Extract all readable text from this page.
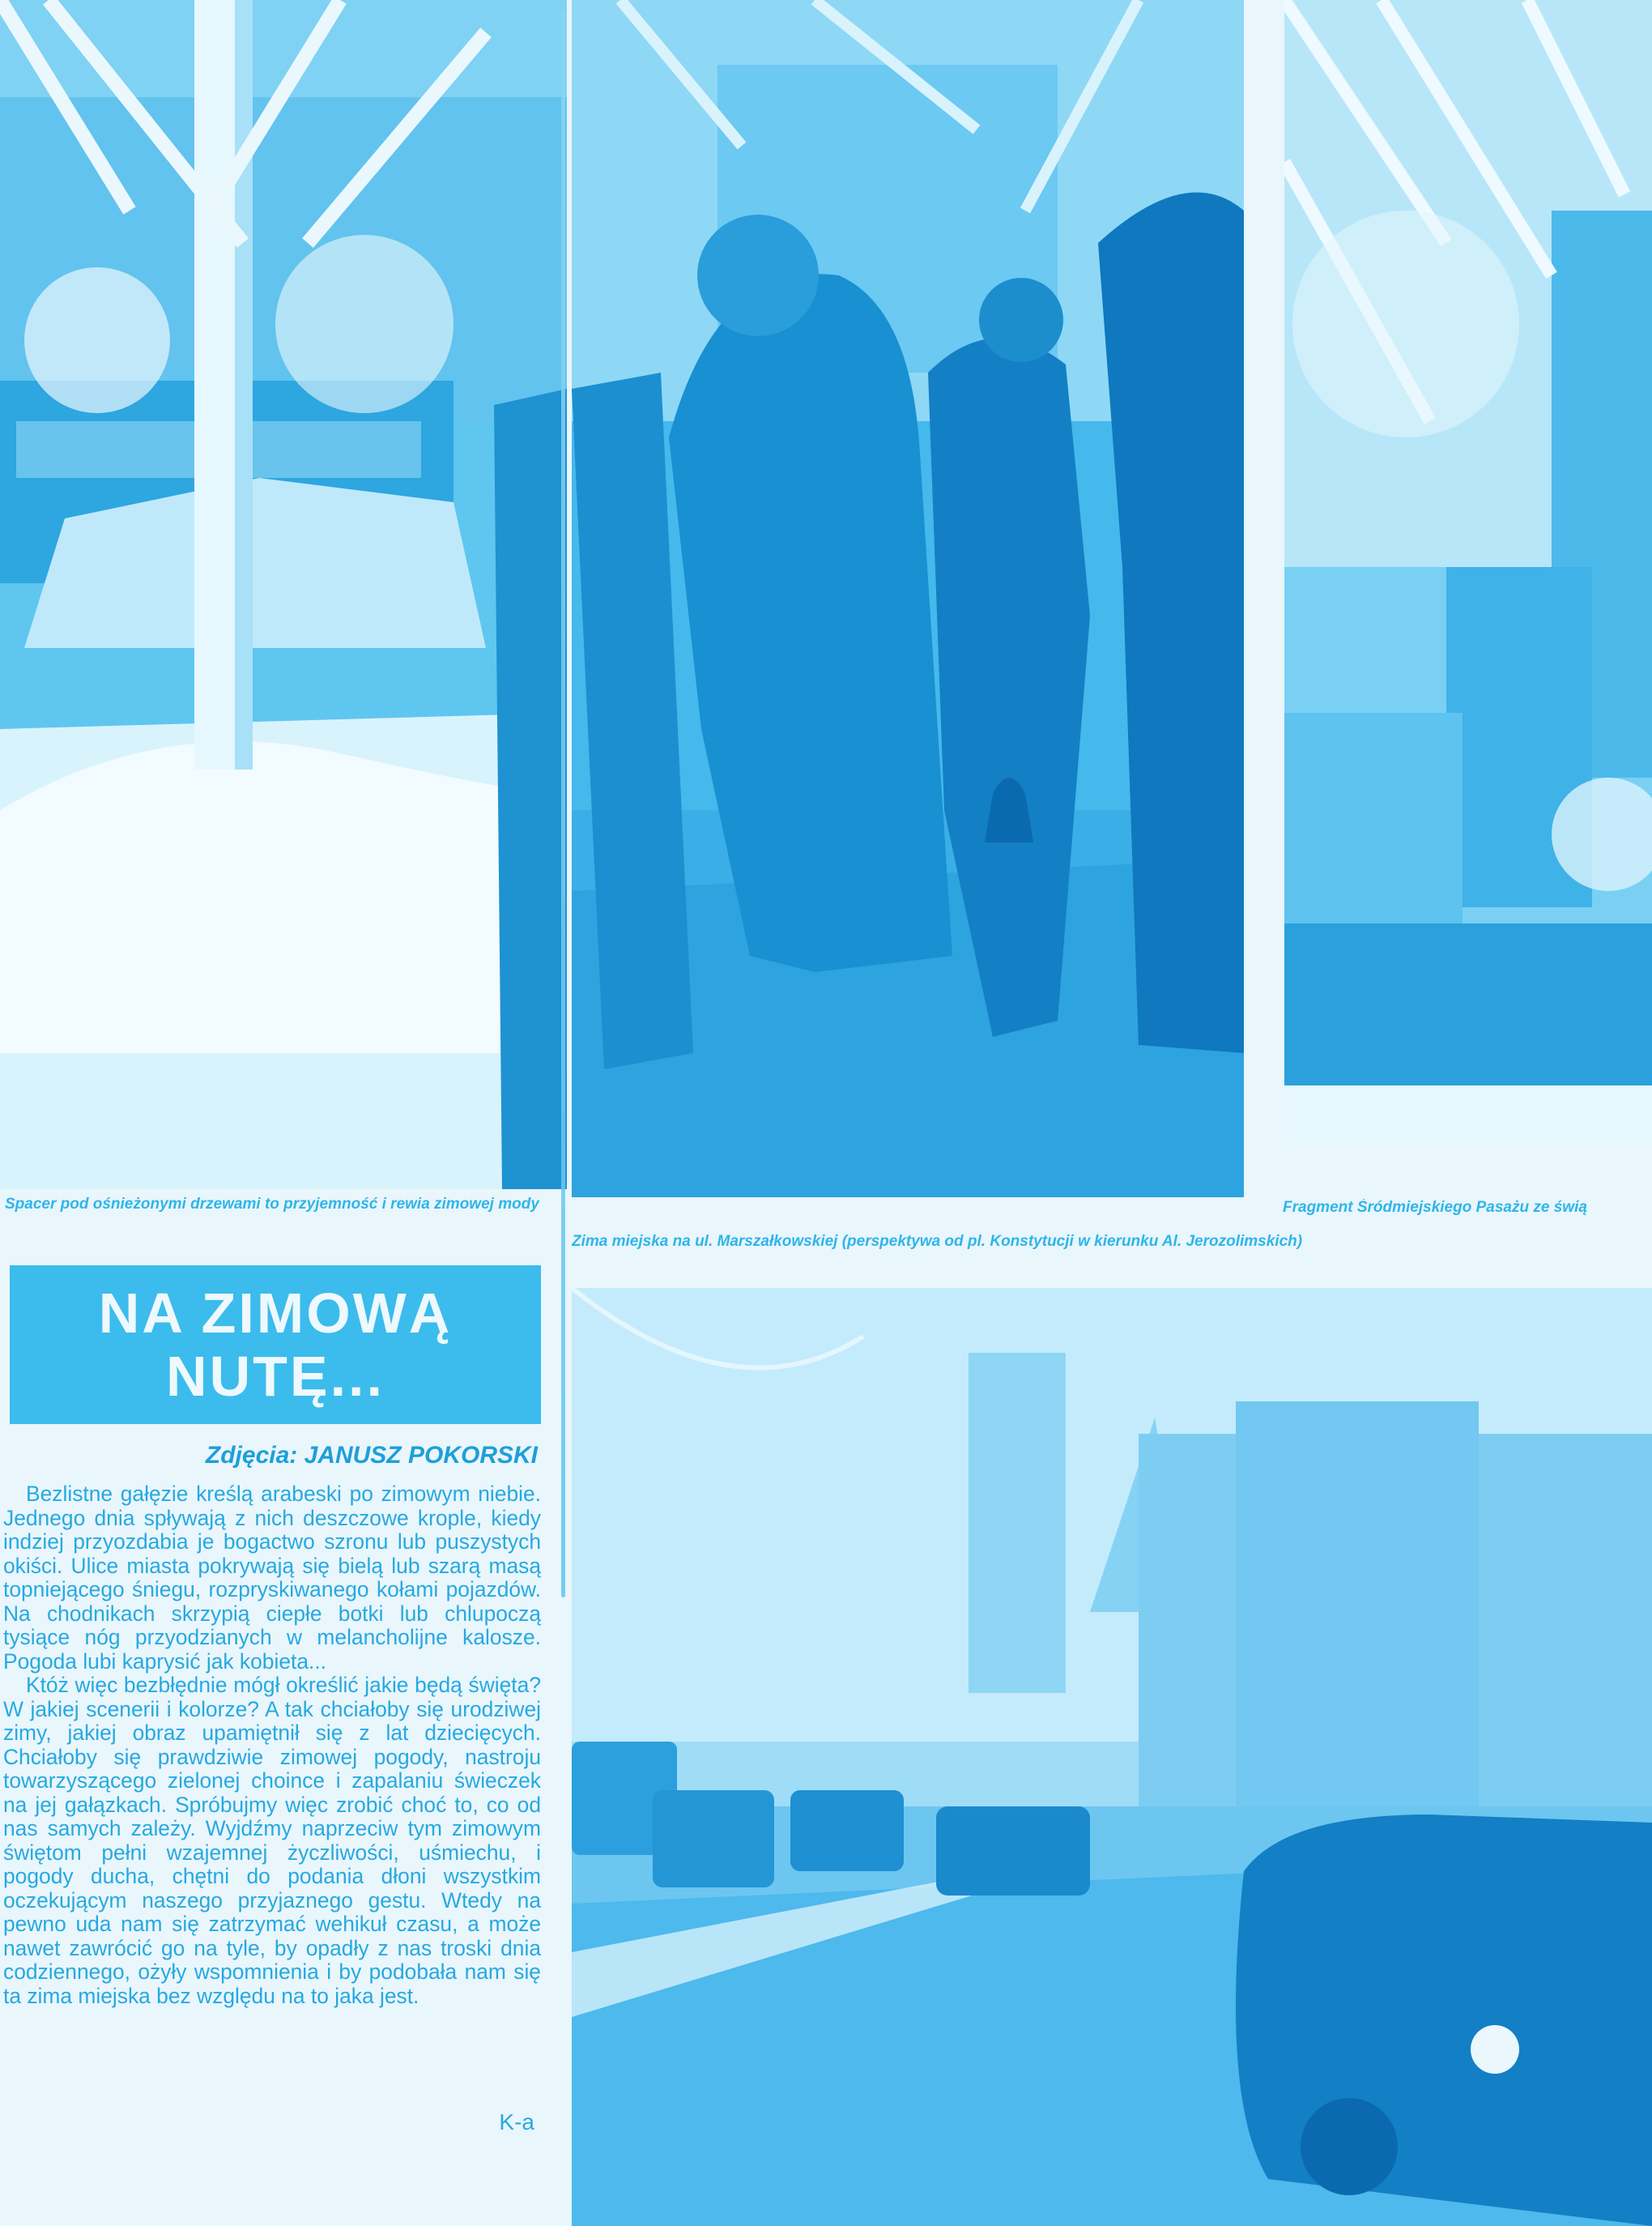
Spacer pod ośnieżonymi drzewami to przyjemność i rewia zimowej mody	Fragment Śródmiejskiego Pasażu ze świą

Zima miejska na ul. Marszałkowskiej (perspektywa od pl. Konstytucji w kierunku Al. Jerozolimskich)

NA ZIMOWĄ
NUTĘ...

Zdjęcia: JANUSZ POKORSKI

Bezlistne gałęzie kreślą arabeski po zimowym niebie. Jednego dnia spływają z nich deszczowe krople, kiedy indziej przyozdabia je bogactwo szronu lub puszystych okiści. Ulice miasta pokrywają się bielą lub szarą masą topniejącego śniegu, rozpryskiwanego kołami pojazdów. Na chodnikach skrzypią ciepłe botki lub chlupoczą tysiące nóg przyodzianych w melancholijne kalosze. Pogoda lubi kaprysić jak kobieta...

Któż więc bezbłędnie mógł określić jakie będą święta? W jakiej scenerii i kolorze? A tak chciałoby się urodziwej zimy, jakiej obraz upamiętnił się z lat dziecięcych. Chciałoby się prawdziwie zimowej pogody, nastroju towarzyszącego zielonej choince i zapalaniu świeczek na jej gałązkach. Spróbujmy więc zrobić choć to, co od nas samych zależy. Wyjdźmy naprzeciw tym zimowym świętom pełni wzajemnej życzliwości, uśmiechu, i pogody ducha, chętni do podania dłoni wszystkim oczekującym naszego przyjaznego gestu. Wtedy na pewno uda nam się zatrzymać wehikuł czasu, a może nawet zawrócić go na tyle, by opadły z nas troski dnia codziennego, ożyły wspomnienia i by podobała nam się ta zima miejska bez względu na to jaka jest.

K-a
